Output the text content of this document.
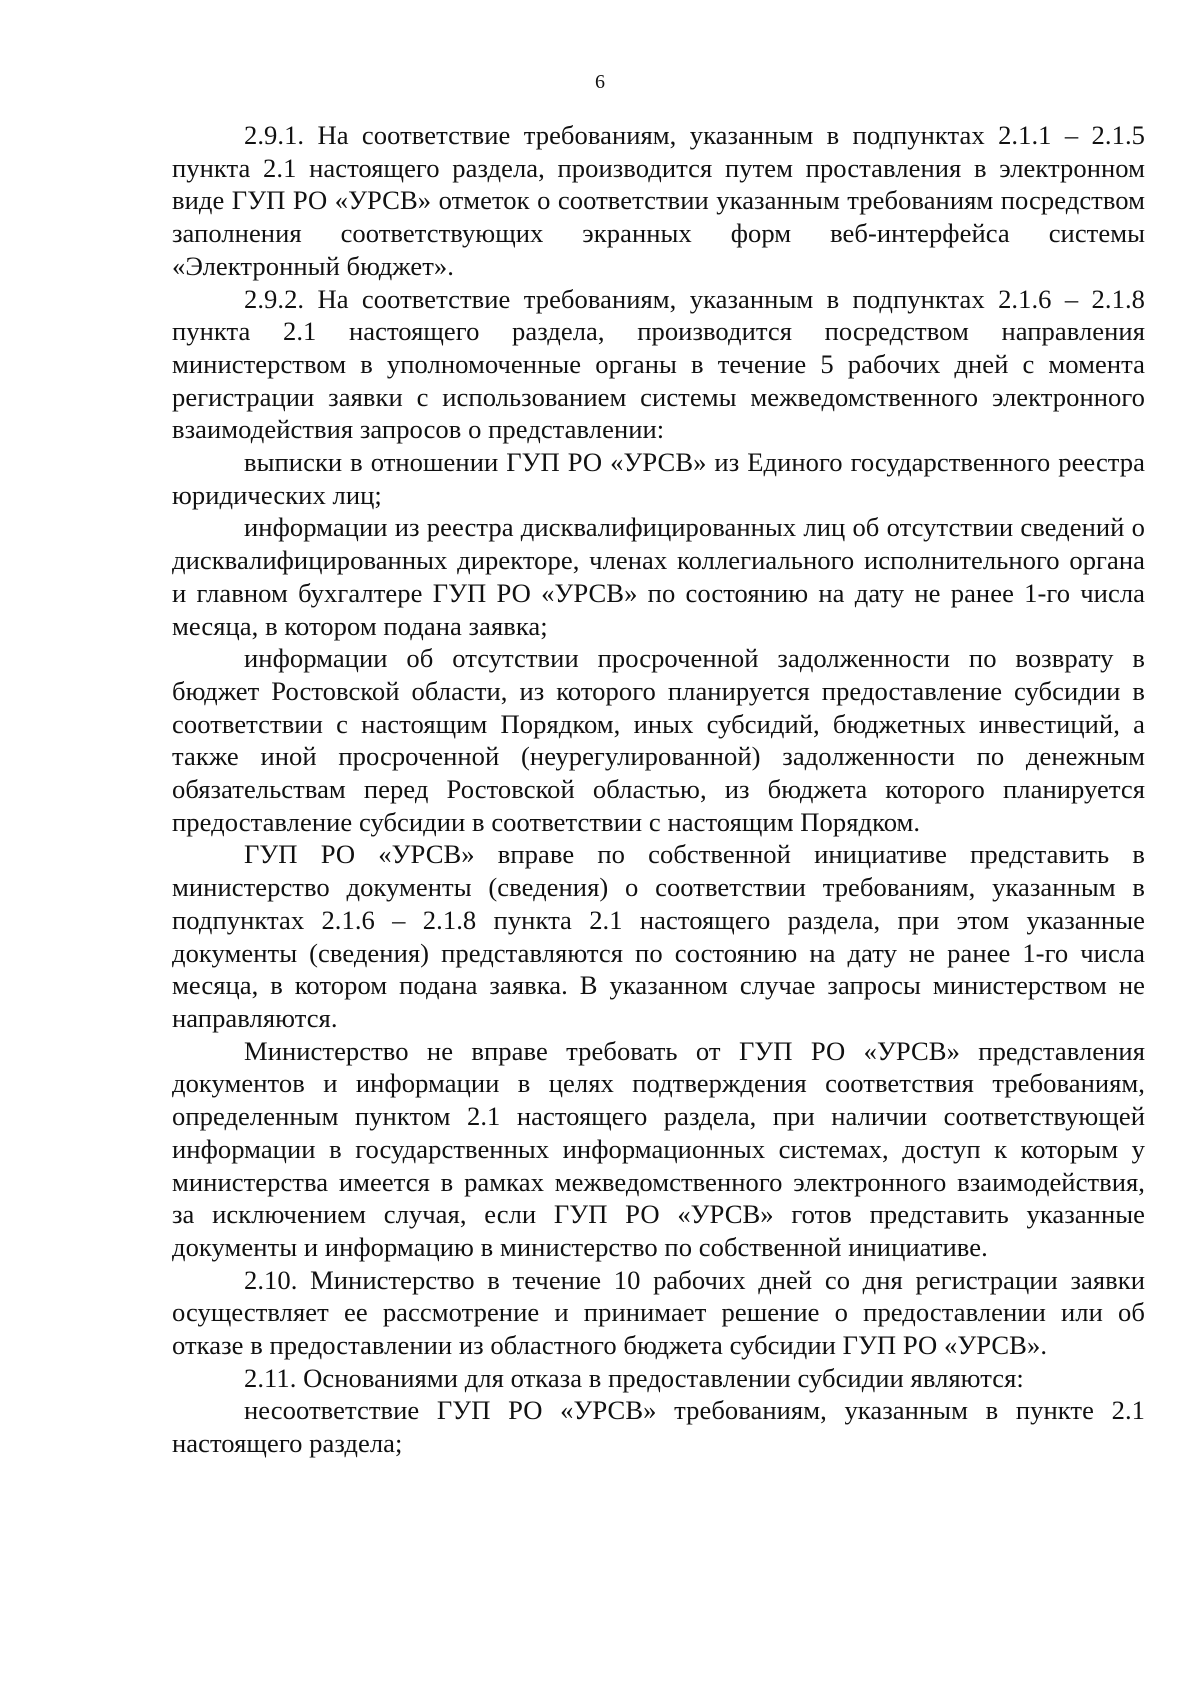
6

2.9.1. На соответствие требованиям, указанным в подпунктах 2.1.1 – 2.1.5 пункта 2.1 настоящего раздела, производится путем проставления в электронном виде ГУП РО «УРСВ» отметок о соответствии указанным требованиям посредством заполнения соответствующих экранных форм веб-интерфейса системы «Электронный бюджет».

2.9.2. На соответствие требованиям, указанным в подпунктах 2.1.6 – 2.1.8 пункта 2.1 настоящего раздела, производится посредством направления министерством в уполномоченные органы в течение 5 рабочих дней с момента регистрации заявки с использованием системы межведомственного электронного взаимодействия запросов о представлении:

выписки в отношении ГУП РО «УРСВ» из Единого государственного реестра юридических лиц;

информации из реестра дисквалифицированных лиц об отсутствии сведений о дисквалифицированных директоре, членах коллегиального исполнительного органа и главном бухгалтере ГУП РО «УРСВ» по состоянию на дату не ранее 1-го числа месяца, в котором подана заявка;

информации об отсутствии просроченной задолженности по возврату в бюджет Ростовской области, из которого планируется предоставление субсидии в соответствии с настоящим Порядком, иных субсидий, бюджетных инвестиций, а также иной просроченной (неурегулированной) задолженности по денежным обязательствам перед Ростовской областью, из бюджета которого планируется предоставление субсидии в соответствии с настоящим Порядком.

ГУП РО «УРСВ» вправе по собственной инициативе представить в министерство документы (сведения) о соответствии требованиям, указанным в подпунктах 2.1.6 – 2.1.8 пункта 2.1 настоящего раздела, при этом указанные документы (сведения) представляются по состоянию на дату не ранее 1-го числа месяца, в котором подана заявка. В указанном случае запросы министерством не направляются.

Министерство не вправе требовать от ГУП РО «УРСВ» представления документов и информации в целях подтверждения соответствия требованиям, определенным пунктом 2.1 настоящего раздела, при наличии соответствующей информации в государственных информационных системах, доступ к которым у министерства имеется в рамках межведомственного электронного взаимодействия, за исключением случая, если ГУП РО «УРСВ» готов представить указанные документы и информацию в министерство по собственной инициативе.

2.10. Министерство в течение 10 рабочих дней со дня регистрации заявки осуществляет ее рассмотрение и принимает решение о предоставлении или об отказе в предоставлении из областного бюджета субсидии ГУП РО «УРСВ».

2.11. Основаниями для отказа в предоставлении субсидии являются:

несоответствие ГУП РО «УРСВ» требованиям, указанным в пункте 2.1 настоящего раздела;
